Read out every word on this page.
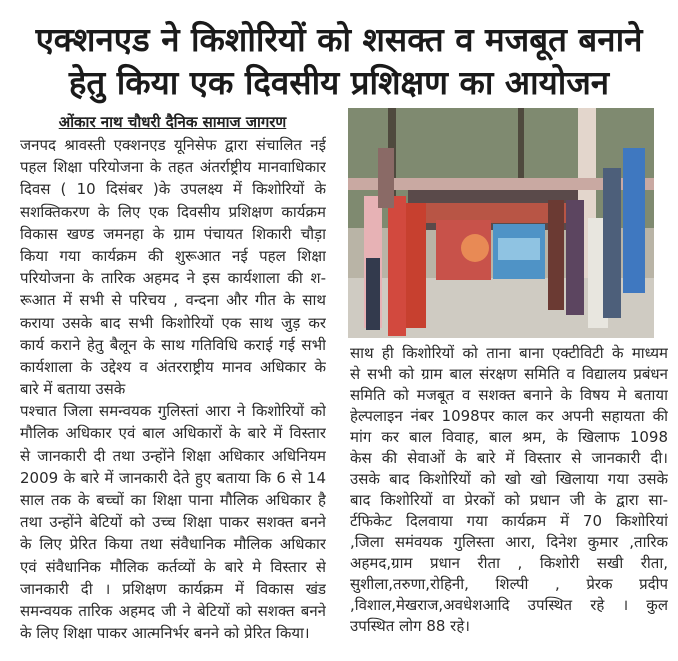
एक्शनएड ने किशोरियों को शसक्त व मजबूत बनाने
हेतु किया एक दिवसीय प्रशिक्षण का आयोजन
ओंकार नाथ चौधरी दैनिक सामाज जागरण
जनपद श्रावस्ती एक्शनएड यूनिसेफ द्वारा संचालित नई
पहल शिक्षा परियोजना के तहत अंतर्राष्ट्रीय मानवाधिकार
दिवस ( 10 दिसंबर )के उपलक्ष्य में किशोरियों के
सशक्तिकरण के लिए एक दिवसीय प्रशिक्षण कार्यक्रम
विकास खण्ड जमनहा के ग्राम पंचायत शिकारी चौड़ा
किया गया कार्यक्रम की शुरूआत नई पहल शिक्षा
परियोजना के तारिक अहमद ने इस कार्यशाला की श-
रूआत में सभी से परिचय , वन्दना और गीत के साथ
कराया उसके बाद सभी किशोरियों एक साथ जुड़ कर
कार्य कराने हेतु बैलून के साथ गतिविधि कराई गई सभी
कार्यशाला के उद्देश्य व अंतरराष्ट्रीय मानव अधिकार के
बारे में बताया उसके
पश्चात जिला समन्वयक गुलिस्तां आरा ने किशोरियों को
मौलिक अधिकार एवं बाल अधिकारों के बारे में विस्तार
से जानकारी दी तथा उन्होंने शिक्षा अधिकार अधिनियम
2009 के बारे में जानकारी देते हुए बताया कि 6 से 14
साल तक के बच्चों का शिक्षा पाना मौलिक अधिकार है
तथा उन्होंने बेटियों को उच्च शिक्षा पाकर सशक्त बनने
के लिए प्रेरित किया तथा संवैधानिक मौलिक अधिकार
एवं संवैधानिक मौलिक कर्तव्यों के बारे मे विस्तार से
जानकारी दी । प्रशिक्षण कार्यक्रम में विकास खंड
समन्वयक तारिक अहमद जी ने बेटियों को सशक्त बनने
के लिए शिक्षा पाकर आत्मनिर्भर बनने को प्रेरित किया।
साथ ही किशोरियों को ताना बाना एक्टीविटी के माध्यम
से सभी को ग्राम बाल संरक्षण समिति व विद्यालय प्रबंधन
समिति को मजबूत व सशक्त बनाने के विषय मे बताया
हेल्पलाइन नंबर 1098पर काल कर अपनी सहायता की
मांग कर बाल विवाह, बाल श्रम, के खिलाफ 1098
केस की सेवाओं के बारे में विस्तार से जानकारी दी।
उसके बाद किशोरियों को खो खो खिलाया गया उसके
बाद किशोरियों वा प्रेरकों को प्रधान जी के द्वारा सा-
र्टफिकेट दिलवाया गया कार्यक्रम में 70 किशोरियां
,जिला समंवयक गुलिस्ता आरा, दिनेश कुमार ,तारिक
अहमद,ग्राम प्रधान रीता , किशोरी सखी रीता,
सुशीला,तरुणा,रोहिनी, शिल्पी , प्रेरक प्रदीप
,विशाल,मेखराज,अवधेशआदि उपस्थित रहे । कुल
उपस्थित लोग 88 रहे।
